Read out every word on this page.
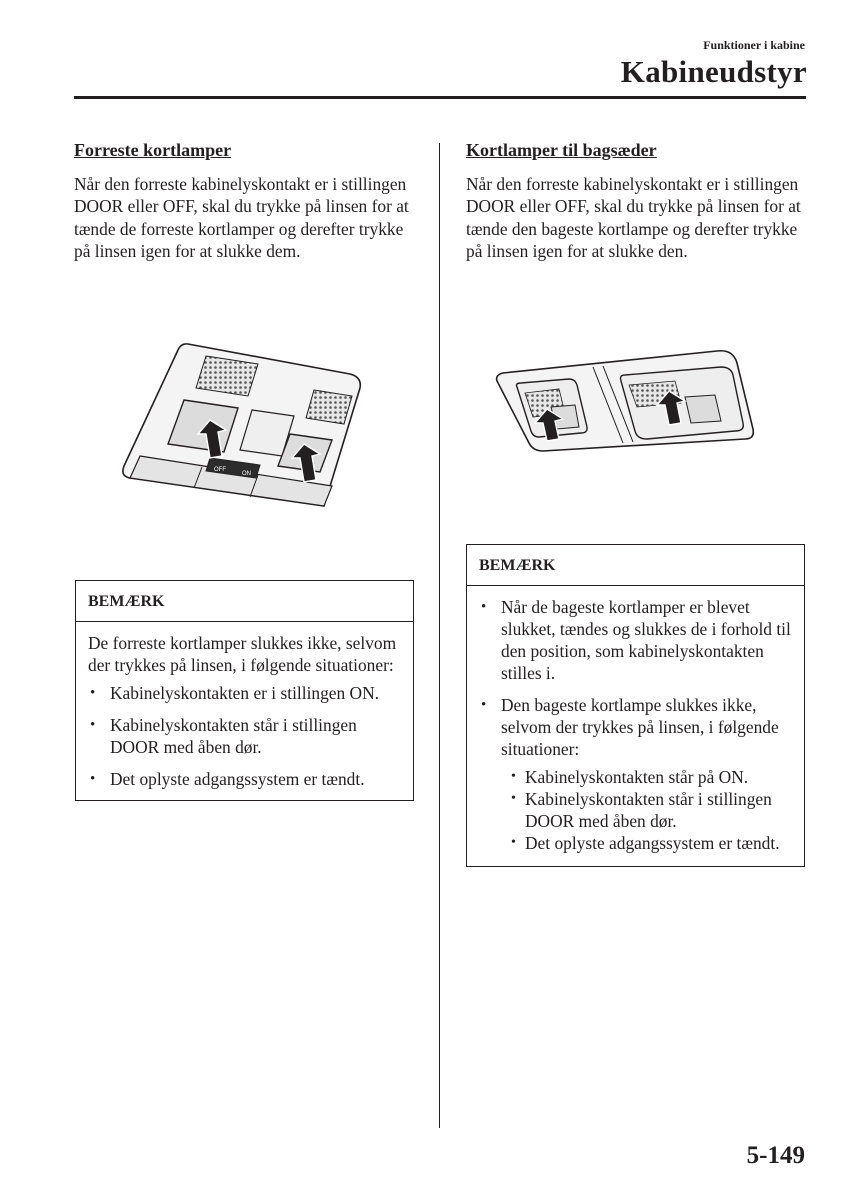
Funktioner i kabine
Kabineudstyr
Forreste kortlamper

Når den forreste kabinelyskontakt er i stillingen DOOR eller OFF, skal du trykke på linsen for at tænde de forreste kortlamper og derefter trykke på linsen igen for at slukke dem.

OFF
ON
BEMÆRK

De forreste kortlamper slukkes ikke, selvom der trykkes på linsen, i følgende situationer:

• Kabinelyskontakten er i stillingen ON.
• Kabinelyskontakten står i stillingen DOOR med åben dør.
• Det oplyste adgangssystem er tændt.
Kortlamper til bagsæder

Når den forreste kabinelyskontakt er i stillingen DOOR eller OFF, skal du trykke på linsen for at tænde den bageste kortlampe og derefter trykke på linsen igen for at slukke den.

BEMÆRK
• Når de bageste kortlamper er blevet slukket, tændes og slukkes de i forhold til den position, som kabinelyskontakten stilles i.
• Den bageste kortlampe slukkes ikke, selvom der trykkes på linsen, i følgende situationer:
• Kabinelyskontakten står på ON.
• Kabinelyskontakten står i stillingen DOOR med åben dør.
• Det oplyste adgangssystem er tændt.
5-149
